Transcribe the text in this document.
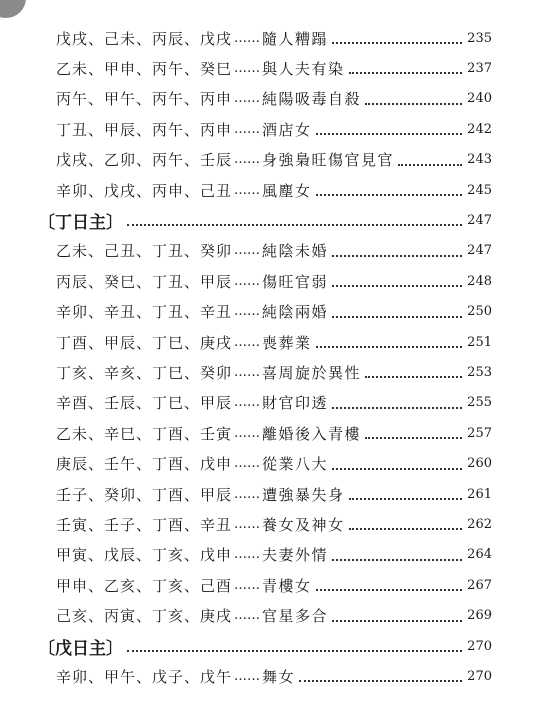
戊戌、己未、丙辰、戊戌 …… 隨人糟蹋	235
乙未、甲申、丙午、癸巳 …… 與人夫有染	237
丙午、甲午、丙午、丙申 …… 純陽吸毒自殺	240
丁丑、甲辰、丙午、丙申 …… 酒店女	242
戊戌、乙卯、丙午、壬辰 …… 身強梟旺傷官見官	243
辛卯、戊戌、丙申、己丑 …… 風塵女	245
〔丁日主〕	247
乙未、己丑、丁丑、癸卯 …… 純陰未婚	247
丙辰、癸巳、丁丑、甲辰 …… 傷旺官弱	248
辛卯、辛丑、丁丑、辛丑 …… 純陰兩婚	250
丁酉、甲辰、丁巳、庚戌 …… 喪葬業	251
丁亥、辛亥、丁巳、癸卯 …… 喜周旋於異性	253
辛酉、壬辰、丁巳、甲辰 …… 財官印透	255
乙未、辛巳、丁酉、壬寅 …… 離婚後入青樓	257
庚辰、壬午、丁酉、戊申 …… 從業八大	260
壬子、癸卯、丁酉、甲辰 …… 遭強暴失身	261
壬寅、壬子、丁酉、辛丑 …… 養女及神女	262
甲寅、戊辰、丁亥、戊申 …… 夫妻外情	264
甲申、乙亥、丁亥、己酉 …… 青樓女	267
己亥、丙寅、丁亥、庚戌 …… 官星多合	269
〔戊日主〕	270
辛卯、甲午、戊子、戊午 …… 舞女	270
